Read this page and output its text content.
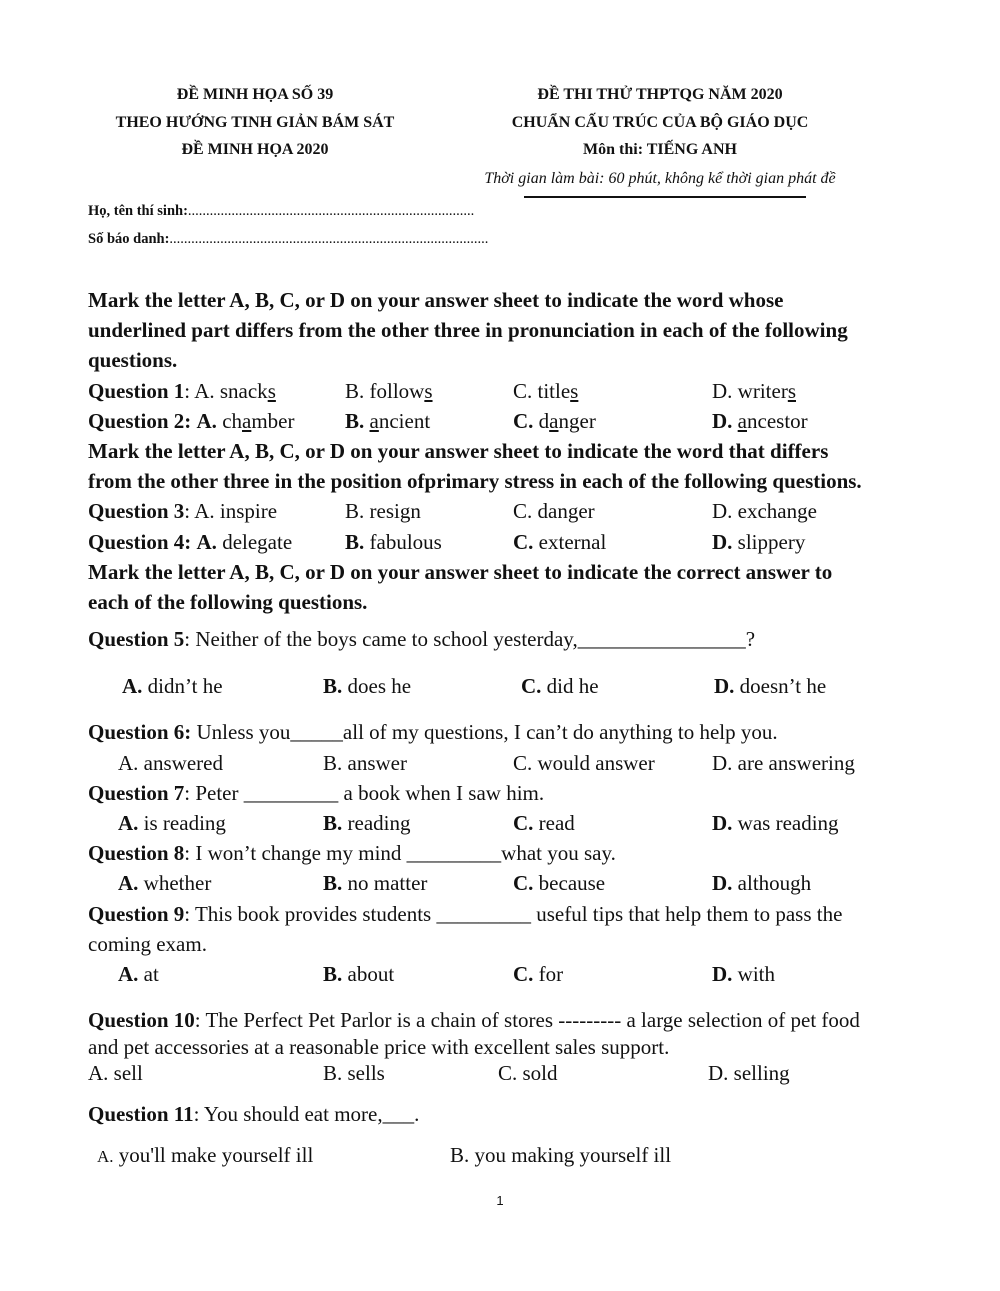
ĐỀ MINH HỌA SỐ 39
THEO HƯỚNG TINH GIẢN BÁM SÁT
ĐỀ MINH HỌA 2020
ĐỀ THI THỬ THPTQG NĂM 2020
CHUẨN CẤU TRÚC CỦA BỘ GIÁO DỤC
Môn thi: TIẾNG ANH
Thời gian làm bài: 60 phút, không kể thời gian phát đề
Họ, tên thí sinh:...............................................................................
Số báo danh:........................................................................................
Mark the letter A, B, C, or D on your answer sheet to indicate the word whose
underlined part differs from the other three in pronunciation in each of the following
questions.
Question 1: A. snacks	B. follows	C. titles	D. writers
Question 2: A. chamber B. ancient	C. danger	D. ancestor
Mark the letter A, B, C, or D on your answer sheet to indicate the word that differs
from the other three in the position ofprimary stress in each of the following questions.
Question 3: A. inspire	B. resign	C. danger	D. exchange
Question 4: A. delegate	B. fabulous	C. external	D. slippery
Mark the letter A, B, C, or D on your answer sheet to indicate the correct answer to
each of the following questions.
Question 5: Neither of the boys came to school yesterday,________________?
A. didn’t he	B. does he	C. did he	D. doesn’t he
Question 6: Unless you_____all of my questions, I can’t do anything to help you.
A. answered	B. answer	C. would answer	D. are answering
Question 7: Peter _________ a book when I saw him.
A. is reading	B. reading	C. read	D. was reading
Question 8: I won’t change my mind _________what you say.
A. whether	B. no matter	C. because	D. although
Question 9: This book provides students _________ useful tips that help them to pass the
coming exam.
A. at	B. about	C. for	D. with
Question 10: The Perfect Pet Parlor is a chain of stores --------- a large selection of pet food
and pet accessories at a reasonable price with excellent sales support.
A. sell	B. sells	C. sold	D. selling
Question 11: You should eat more,___.
A. you'll make yourself ill	B. you making yourself ill
1
